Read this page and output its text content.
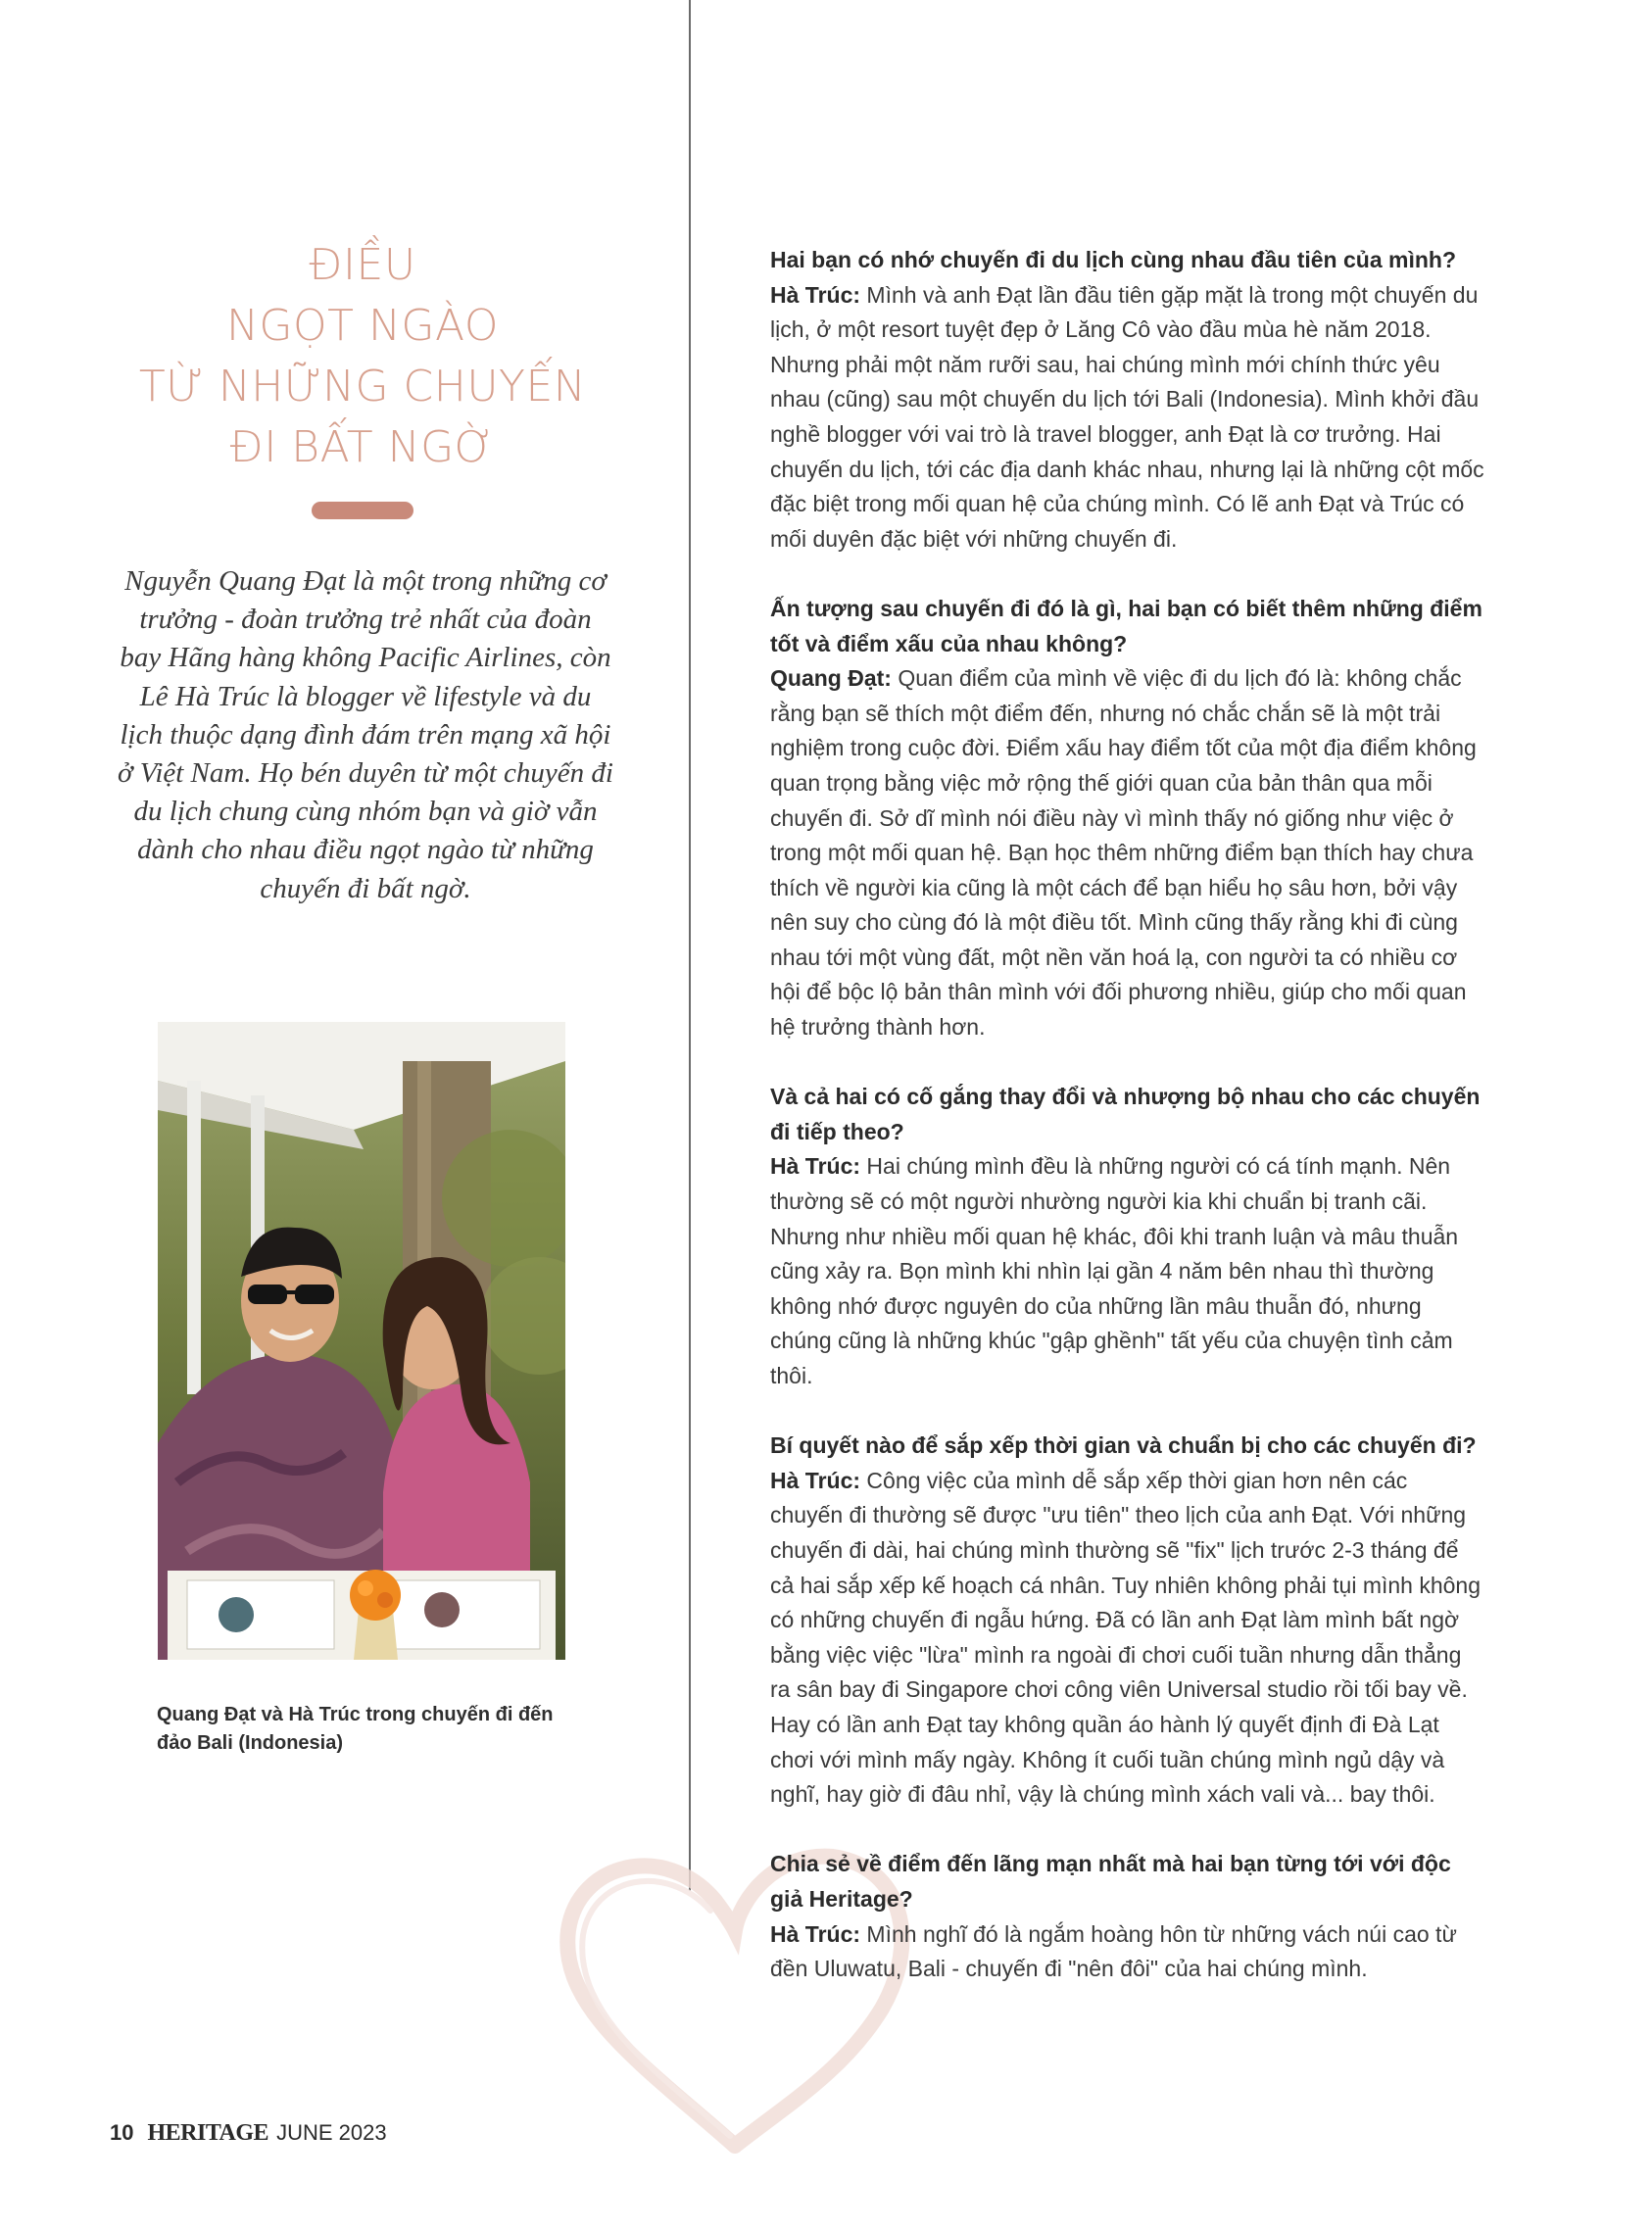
ĐIỀU
NGỌT NGÀO
TỪ NHỮNG CHUYẾN
ĐI BẤT NGỜ

Nguyễn Quang Đạt là một trong những cơ trưởng - đoàn trưởng trẻ nhất của đoàn bay Hãng hàng không Pacific Airlines, còn Lê Hà Trúc là blogger về lifestyle và du lịch thuộc dạng đình đám trên mạng xã hội ở Việt Nam. Họ bén duyên từ một chuyến đi du lịch chung cùng nhóm bạn và giờ vẫn dành cho nhau điều ngọt ngào từ những chuyến đi bất ngờ.

Quang Đạt và Hà Trúc trong chuyến đi đến đảo Bali (Indonesia)

Hai bạn có nhớ chuyến đi du lịch cùng nhau đầu tiên của mình?

Hà Trúc: Mình và anh Đạt lần đầu tiên gặp mặt là trong một chuyến du lịch, ở một resort tuyệt đẹp ở Lăng Cô vào đầu mùa hè năm 2018. Nhưng phải một năm rưỡi sau, hai chúng mình mới chính thức yêu nhau (cũng) sau một chuyến du lịch tới Bali (Indonesia). Mình khởi đầu nghề blogger với vai trò là travel blogger, anh Đạt là cơ trưởng. Hai chuyến du lịch, tới các địa danh khác nhau, nhưng lại là những cột mốc đặc biệt trong mối quan hệ của chúng mình. Có lẽ anh Đạt và Trúc có mối duyên đặc biệt với những chuyến đi.

Ấn tượng sau chuyến đi đó là gì, hai bạn có biết thêm những điểm tốt và điểm xấu của nhau không?

Quang Đạt: Quan điểm của mình về việc đi du lịch đó là: không chắc rằng bạn sẽ thích một điểm đến, nhưng nó chắc chắn sẽ là một trải nghiệm trong cuộc đời. Điểm xấu hay điểm tốt của một địa điểm không quan trọng bằng việc mở rộng thế giới quan của bản thân qua mỗi chuyến đi. Sở dĩ mình nói điều này vì mình thấy nó giống như việc ở trong một mối quan hệ. Bạn học thêm những điểm bạn thích hay chưa thích về người kia cũng là một cách để bạn hiểu họ sâu hơn, bởi vậy nên suy cho cùng đó là một điều tốt. Mình cũng thấy rằng khi đi cùng nhau tới một vùng đất, một nền văn hoá lạ, con người ta có nhiều cơ hội để bộc lộ bản thân mình với đối phương nhiều, giúp cho mối quan hệ trưởng thành hơn.

Và cả hai có cố gắng thay đổi và nhượng bộ nhau cho các chuyến đi tiếp theo?

Hà Trúc: Hai chúng mình đều là những người có cá tính mạnh. Nên thường sẽ có một người nhường người kia khi chuẩn bị tranh cãi. Nhưng như nhiều mối quan hệ khác, đôi khi tranh luận và mâu thuẫn cũng xảy ra. Bọn mình khi nhìn lại gần 4 năm bên nhau thì thường không nhớ được nguyên do của những lần mâu thuẫn đó, nhưng chúng cũng là những khúc "gập ghềnh" tất yếu của chuyện tình cảm thôi.

Bí quyết nào để sắp xếp thời gian và chuẩn bị cho các chuyến đi?

Hà Trúc: Công việc của mình dễ sắp xếp thời gian hơn nên các chuyến đi thường sẽ được "ưu tiên" theo lịch của anh Đạt. Với những chuyến đi dài, hai chúng mình thường sẽ "fix" lịch trước 2-3 tháng để cả hai sắp xếp kế hoạch cá nhân. Tuy nhiên không phải tụi mình không có những chuyến đi ngẫu hứng. Đã có lần anh Đạt làm mình bất ngờ bằng việc việc "lừa" mình ra ngoài đi chơi cuối tuần nhưng dẫn thẳng ra sân bay đi Singapore chơi công viên Universal studio rồi tối bay về. Hay có lần anh Đạt tay không quần áo hành lý quyết định đi Đà Lạt chơi với mình mấy ngày. Không ít cuối tuần chúng mình ngủ dậy và nghĩ, hay giờ đi đâu nhỉ, vậy là chúng mình xách vali và... bay thôi.

Chia sẻ về điểm đến lãng mạn nhất mà hai bạn từng tới với độc giả Heritage?

Hà Trúc: Mình nghĩ đó là ngắm hoàng hôn từ những vách núi cao từ đền Uluwatu, Bali - chuyến đi "nên đôi" của hai chúng mình.

10 HERITAGE JUNE 2023
